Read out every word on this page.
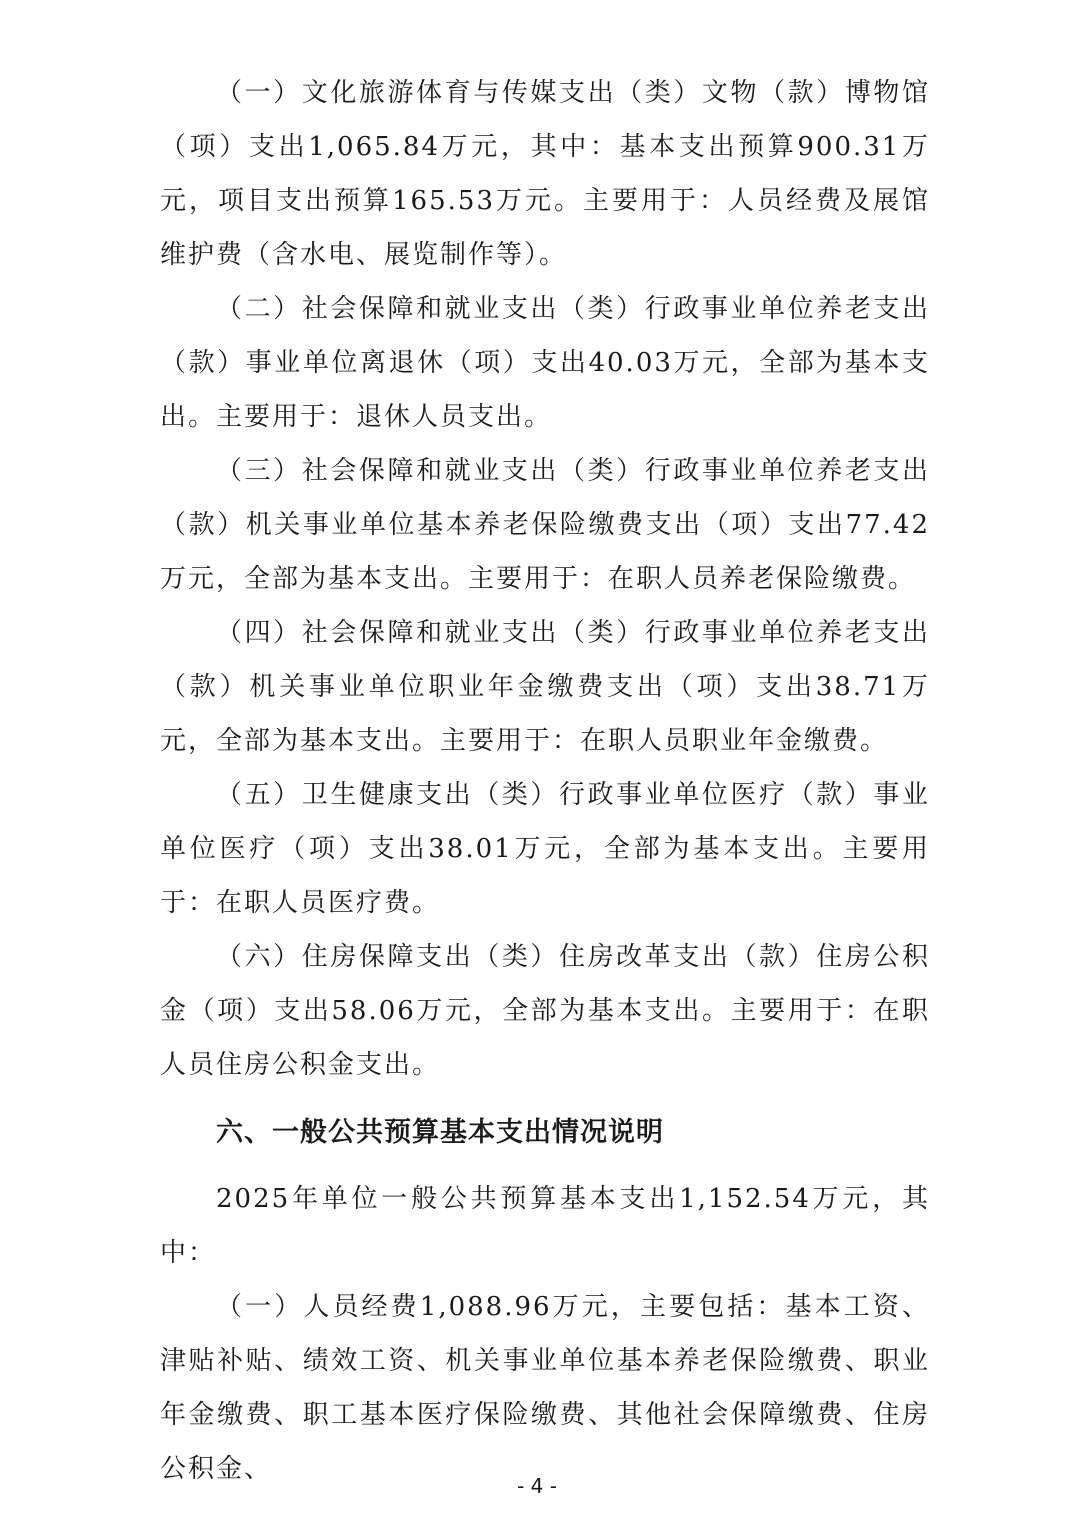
（一）文化旅游体育与传媒支出（类）文物（款）博物馆（项）支出1,065.84万元，其中：基本支出预算900.31万元，项目支出预算165.53万元。主要用于：人员经费及展馆维护费（含水电、展览制作等）。

（二）社会保障和就业支出（类）行政事业单位养老支出（款）事业单位离退休（项）支出40.03万元，全部为基本支出。主要用于：退休人员支出。

（三）社会保障和就业支出（类）行政事业单位养老支出（款）机关事业单位基本养老保险缴费支出（项）支出77.42万元，全部为基本支出。主要用于：在职人员养老保险缴费。

（四）社会保障和就业支出（类）行政事业单位养老支出（款）机关事业单位职业年金缴费支出（项）支出38.71万元，全部为基本支出。主要用于：在职人员职业年金缴费。

（五）卫生健康支出（类）行政事业单位医疗（款）事业单位医疗（项）支出38.01万元，全部为基本支出。主要用于：在职人员医疗费。

（六）住房保障支出（类）住房改革支出（款）住房公积金（项）支出58.06万元，全部为基本支出。主要用于：在职人员住房公积金支出。

六、一般公共预算基本支出情况说明

2025年单位一般公共预算基本支出1,152.54万元，其中：

（一）人员经费1,088.96万元，主要包括：基本工资、津贴补贴、绩效工资、机关事业单位基本养老保险缴费、职业年金缴费、职工基本医疗保险缴费、其他社会保障缴费、住房公积金、

- 4 -
